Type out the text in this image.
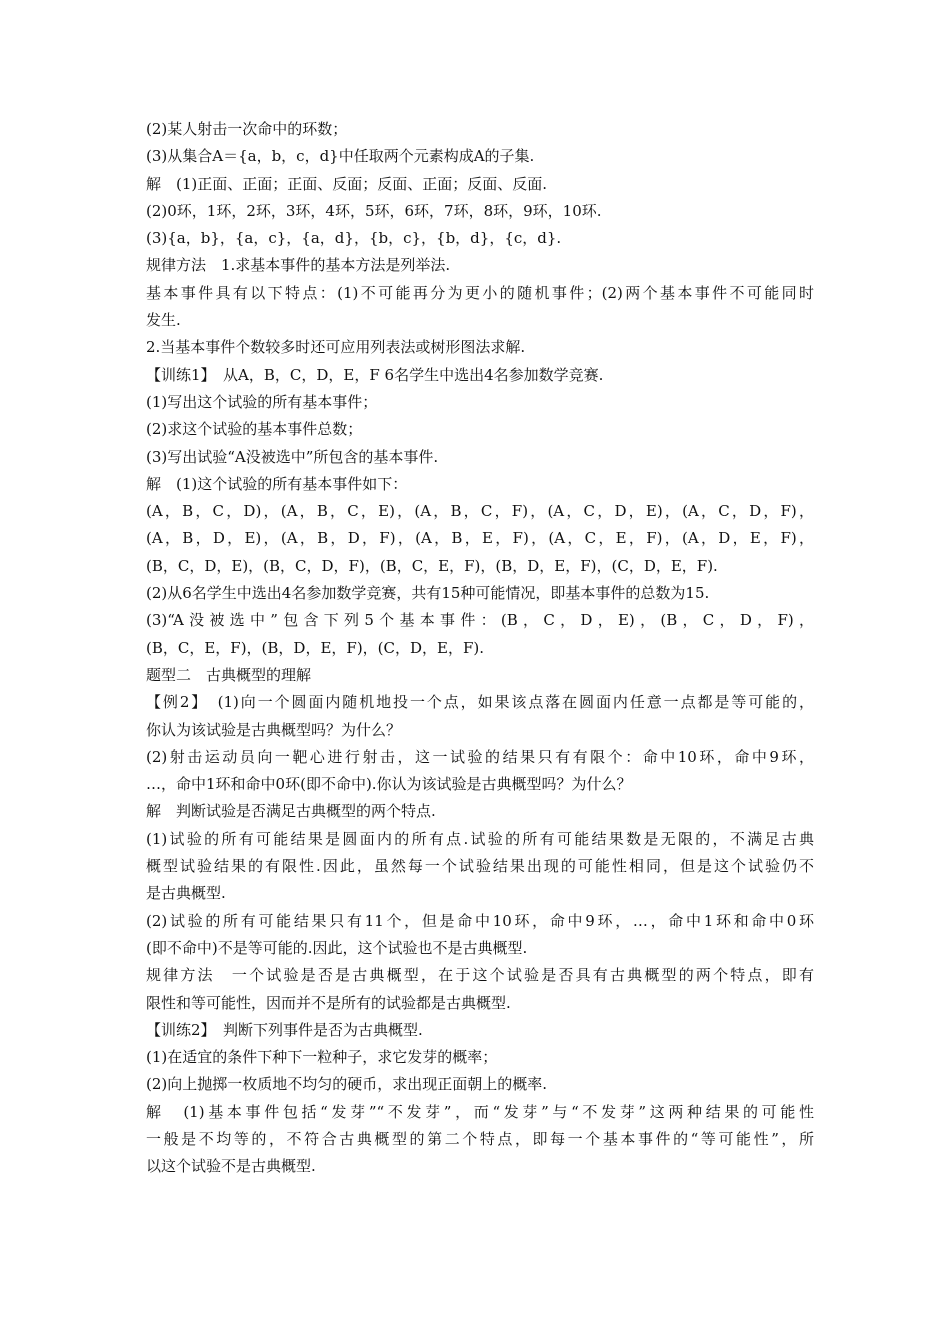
(2)某人射击一次命中的环数；
(3)从集合A＝{a，b，c，d}中任取两个元素构成A的子集.
解　(1)正面、正面；正面、反面；反面、正面；反面、反面.
(2)0环，1环，2环，3环，4环，5环，6环，7环，8环，9环，10环.
(3){a，b}，{a，c}，{a，d}，{b，c}，{b，d}，{c，d}.
规律方法　1.求基本事件的基本方法是列举法.
基本事件具有以下特点：(1)不可能再分为更小的随机事件；(2)两个基本事件不可能同时
发生.
2.当基本事件个数较多时还可应用列表法或树形图法求解.
【训练1】　从A，B，C，D，E，F 6名学生中选出4名参加数学竞赛.
(1)写出这个试验的所有基本事件；
(2)求这个试验的基本事件总数；
(3)写出试验“A没被选中”所包含的基本事件.
解　(1)这个试验的所有基本事件如下：
(A，B，C，D)，(A，B，C，E)，(A，B，C，F)，(A，C，D，E)，(A，C，D，F)，
(A，B，D，E)，(A，B，D，F)，(A，B，E，F)，(A，C，E，F)，(A，D，E，F)，
(B，C，D，E)，(B，C，D，F)，(B，C，E，F)，(B，D，E，F)，(C，D，E，F).
(2)从6名学生中选出4名参加数学竞赛，共有15种可能情况，即基本事件的总数为15.
(3)“A没被选中”包含下列5个基本事件：(B，C，D，E)，(B，C，D，F)，
(B，C，E，F)，(B，D，E，F)，(C，D，E，F).
题型二　古典概型的理解
【例2】　(1)向一个圆面内随机地投一个点，如果该点落在圆面内任意一点都是等可能的，
你认为该试验是古典概型吗？为什么？
(2)射击运动员向一靶心进行射击，这一试验的结果只有有限个：命中10环，命中9环，
…，命中1环和命中0环(即不命中).你认为该试验是古典概型吗？为什么？
解　判断试验是否满足古典概型的两个特点.
(1)试验的所有可能结果是圆面内的所有点.试验的所有可能结果数是无限的，不满足古典
概型试验结果的有限性.因此，虽然每一个试验结果出现的可能性相同，但是这个试验仍不
是古典概型.
(2)试验的所有可能结果只有11个，但是命中10环，命中9环，…，命中1环和命中0环
(即不命中)不是等可能的.因此，这个试验也不是古典概型.
规律方法　一个试验是否是古典概型，在于这个试验是否具有古典概型的两个特点，即有
限性和等可能性，因而并不是所有的试验都是古典概型.
【训练2】　判断下列事件是否为古典概型.
(1)在适宜的条件下种下一粒种子，求它发芽的概率；
(2)向上抛掷一枚质地不均匀的硬币，求出现正面朝上的概率.
解　(1)基本事件包括“发芽”“不发芽”，而“发芽”与“不发芽”这两种结果的可能性
一般是不均等的，不符合古典概型的第二个特点，即每一个基本事件的“等可能性”，所
以这个试验不是古典概型.
